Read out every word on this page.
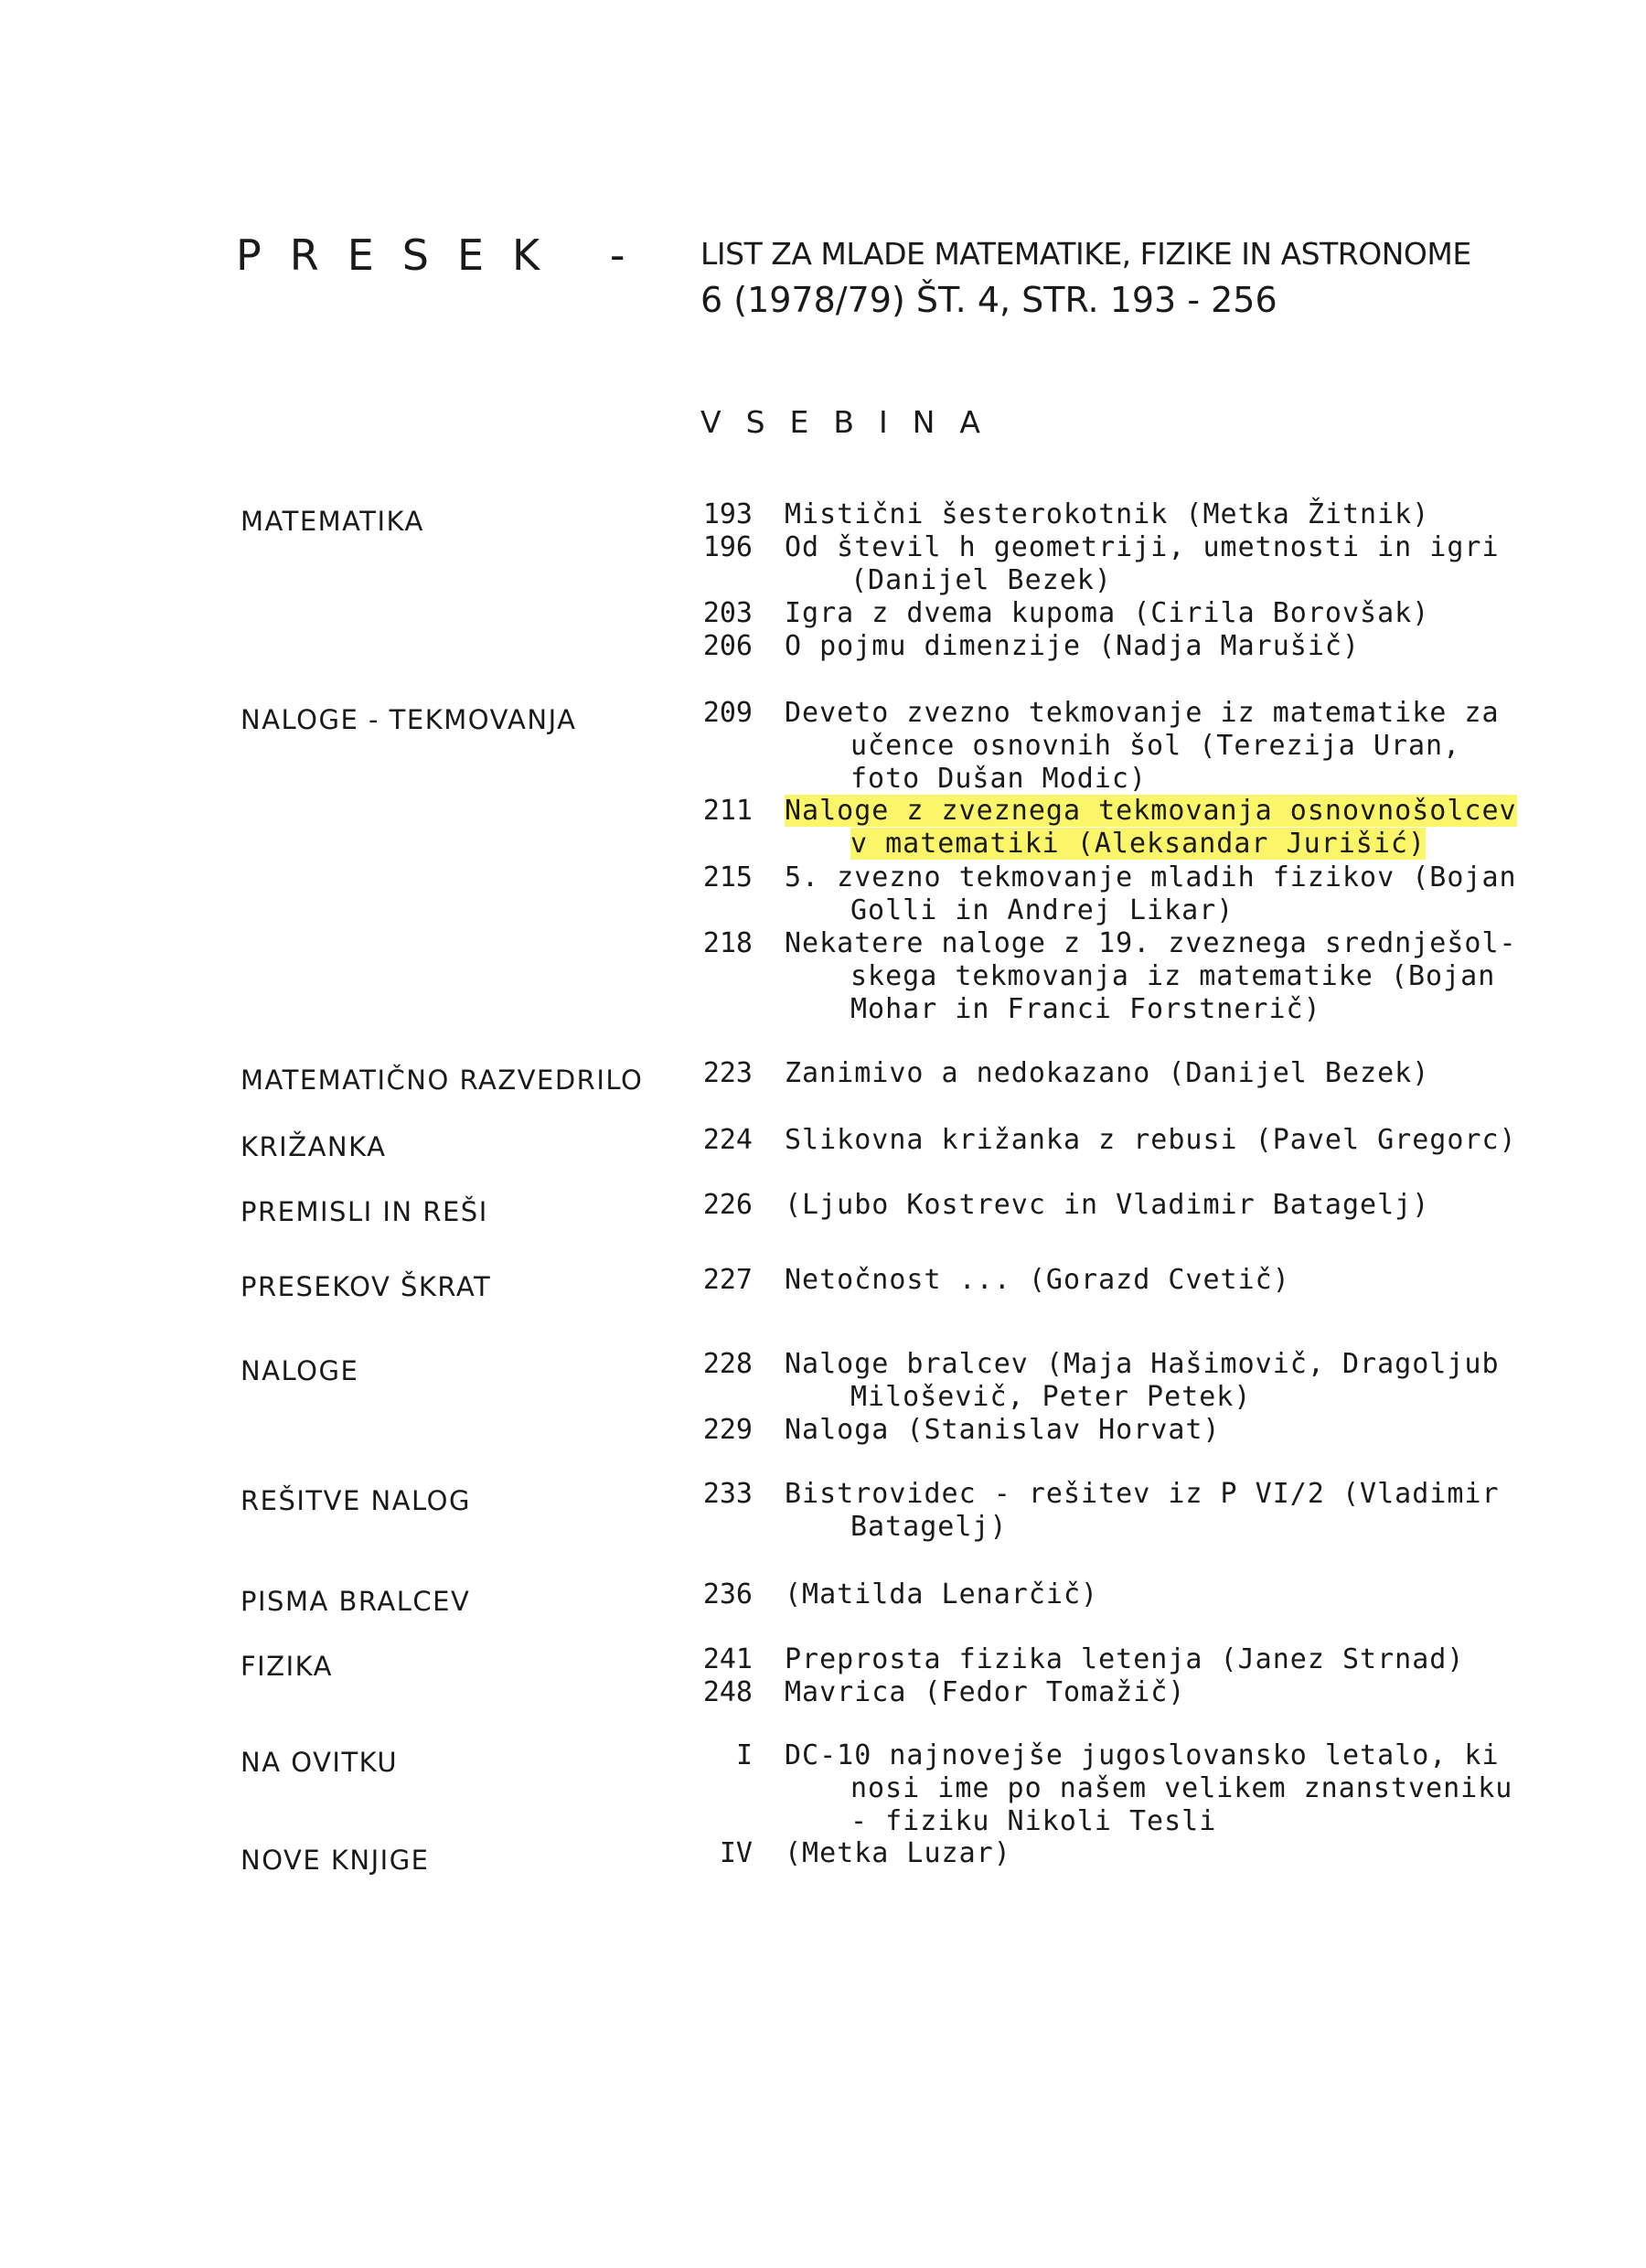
PRESEK - LIST ZA MLADE MATEMATIKE, FIZIKE IN ASTRONOME
6 (1978/79) ŠT. 4, STR. 193 - 256
VSEBINA
MATEMATIKA	193 Mistični šesterokotnik (Metka Žitnik)
196 Od števil h geometriji, umetnosti in igri
(Danijel Bezek)
203 Igra z dvema kupoma (Cirila Borovšak)
206 O pojmu dimenzije (Nadja Marušič)
NALOGE - TEKMOVANJA	209 Deveto zvezno tekmovanje iz matematike za
učence osnovnih šol (Terezija Uran,
foto Dušan Modic)
211 Naloge z zveznega tekmovanja osnovnošolcev
v matematiki (Aleksandar Jurišić)
215 5. zvezno tekmovanje mladih fizikov (Bojan
Golli in Andrej Likar)
218 Nekatere naloge z 19. zveznega srednješol-
skega tekmovanja iz matematike (Bojan
Mohar in Franci Forstnerič)
MATEMATIČNO RAZVEDRILO	223 Zanimivo a nedokazano (Danijel Bezek)
KRIŽANKA	224 Slikovna križanka z rebusi (Pavel Gregorc)
PREMISLI IN REŠI	226 (Ljubo Kostrevc in Vladimir Batagelj)
PRESEKOV ŠKRAT	227 Netočnost ... (Gorazd Cvetič)
NALOGE	228 Naloge bralcev (Maja Hašimovič, Dragoljub
Miloševič, Peter Petek)
229 Naloga (Stanislav Horvat)
REŠITVE NALOG	233 Bistrovidec - rešitev iz P VI/2 (Vladimir
Batagelj)
PISMA BRALCEV	236 (Matilda Lenarčič)
FIZIKA	241 Preprosta fizika letenja (Janez Strnad)
248 Mavrica (Fedor Tomažič)
NA OVITKU	I DC-10 najnovejše jugoslovansko letalo, ki
nosi ime po našem velikem znanstveniku
- fiziku Nikoli Tesli
NOVE KNJIGE	IV (Metka Luzar)
